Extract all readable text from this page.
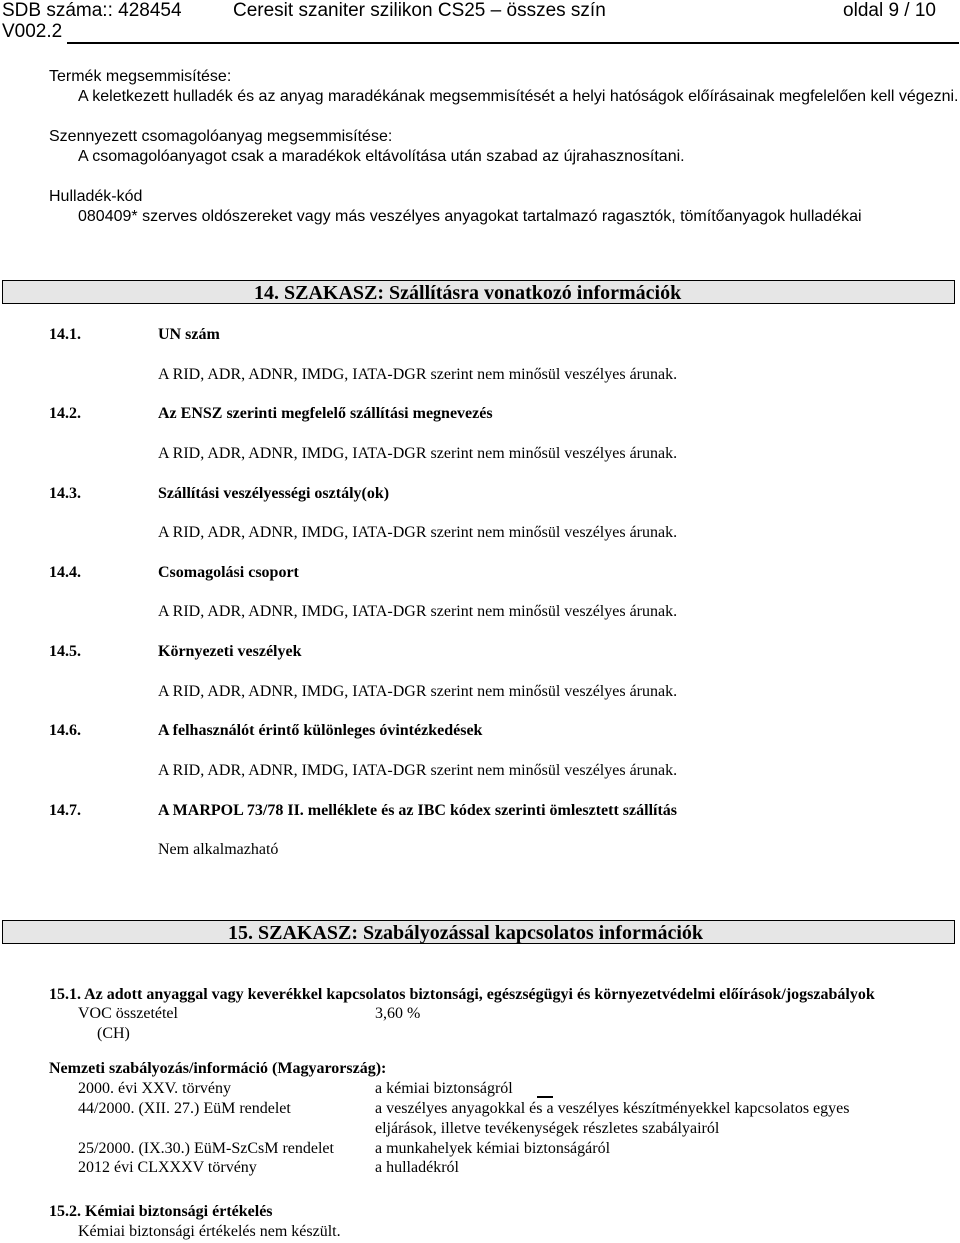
SDB száma:: 428454	Ceresit szaniter szilikon CS25 – összes szín	oldal 9 / 10
V002.2
Termék megsemmisítése:
A keletkezett hulladék és az anyag maradékának megsemmisítését a helyi hatóságok előírásainak megfelelően kell végezni.
Szennyezett csomagolóanyag megsemmisítése:
A csomagolóanyagot csak a maradékok eltávolítása után szabad az újrahasznosítani.
Hulladék-kód
080409* szerves oldószereket vagy más veszélyes anyagokat tartalmazó ragasztók, tömítőanyagok hulladékai
14. SZAKASZ: Szállításra vonatkozó információk
14.1.	UN szám
A RID, ADR, ADNR, IMDG, IATA-DGR szerint nem minősül veszélyes árunak.
14.2.	Az ENSZ szerinti megfelelő szállítási megnevezés
A RID, ADR, ADNR, IMDG, IATA-DGR szerint nem minősül veszélyes árunak.
14.3.	Szállítási veszélyességi osztály(ok)
A RID, ADR, ADNR, IMDG, IATA-DGR szerint nem minősül veszélyes árunak.
14.4.	Csomagolási csoport
A RID, ADR, ADNR, IMDG, IATA-DGR szerint nem minősül veszélyes árunak.
14.5.	Környezeti veszélyek
A RID, ADR, ADNR, IMDG, IATA-DGR szerint nem minősül veszélyes árunak.
14.6.	A felhasználót érintő különleges óvintézkedések
A RID, ADR, ADNR, IMDG, IATA-DGR szerint nem minősül veszélyes árunak.
14.7.	A MARPOL 73/78 II. melléklete és az IBC kódex szerinti ömlesztett szállítás
Nem alkalmazható
15. SZAKASZ: Szabályozással kapcsolatos információk
15.1. Az adott anyaggal vagy keverékkel kapcsolatos biztonsági, egészségügyi és környezetvédelmi előírások/jogszabályok
VOC összetétel	3,60 %
(CH)
Nemzeti szabályozás/információ (Magyarország):
2000. évi XXV. törvény	a kémiai biztonságról
44/2000. (XII. 27.) EüM rendelet	a veszélyes anyagokkal és a veszélyes készítményekkel kapcsolatos egyes
eljárások, illetve tevékenységek részletes szabályairól
25/2000. (IX.30.) EüM-SzCsM rendelet	a munkahelyek kémiai biztonságáról
2012 évi CLXXXV törvény	a hulladékról
15.2. Kémiai biztonsági értékelés
Kémiai biztonsági értékelés nem készült.
